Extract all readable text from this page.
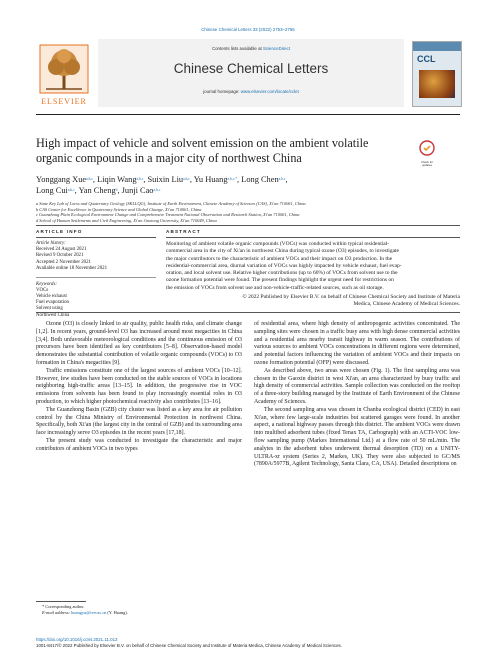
Chinese Chemical Letters 33 (2022) 2753–2756
ELSEVIER
Contents lists available at ScienceDirect
Chinese Chemical Letters
journal homepage: www.elsevier.com/locate/cclet
CCL
High impact of vehicle and solvent emission on the ambient volatile
organic compounds in a major city of northwest China	Check for updates
Yonggang Xue$^{a,b,c}$, Liqin Wang$^{a,b,c}$, Suixin Liu$^{a,b,c}$, Yu Huang$^{a,b,c,*}$, Long Chen$^{a,b,c}$,
Long Cui$^{a,b,c}$, Yan Cheng$^d$, Junji Cao$^{a,b,c}$
a State Key Lab of Loess and Quaternary Geology (SKLLQG), Institute of Earth Environment, Chinese Academy of Sciences (CAS), Xi'an 710061, China
b CAS Center for Excellence in Quaternary Science and Global Change, Xi'an 710061, China
c Guanzhong Plain Ecological Environment Change and Comprehensive Treatment National Observation and Research Station, Xi'an 710061, China
d School of Human Settlements and Civil Engineering, Xi'an Jiaotong University, Xi'an 710049, China
ARTICLE INFO	ABSTRACT
Article history:
Received 24 August 2021
Revised 9 October 2021
Accepted 2 November 2021
Available online 18 November 2021
Keywords:
VOCs
Vehicle exhaust
Fuel evaporation
Solvent using
Northwest China
Monitoring of ambient volatile organic compounds (VOCs) was conducted within typical residential-
commercial area in the city of Xi'an in northwest China during typical ozone (O3) episodes, to investigate
the major contributors to the characteristic of ambient VOCs and their impact on O3 production. In the
residential-commercial area, diurnal variation of VOCs was highly impacted by vehicle exhaust, fuel evap-
oration, and local solvent use. Relative higher contributions (up to 60%) of VOCs from solvent use to the
ozone formation potential were found. The present findings highlight the urgent need for restrictions on
the emission of VOCs from solvent use and non-vehicle-traffic-related sources, such as oil storage.
© 2022 Published by Elsevier B.V. on behalf of Chinese Chemical Society and Institute of Materia
Medica, Chinese Academy of Medical Sciences.

Ozone (O3) is closely linked to air quality, public health risks, and climate change [1,2]. In recent years, ground-level O3 has increased around most megacities in China [3,4]. Both unfavorable meteorological conditions and the continuous emission of O3 precursors have been identified as key contributors [5–8]. Observation-based model demonstrates the substantial contribution of volatile organic compounds (VOCs) to O3 formation in China's megacities [9].

Traffic emissions constitute one of the largest sources of ambient VOCs [10–12]. However, few studies have been conducted on the stable sources of VOCs in locations neighboring high-traffic areas [13–15]. In addition, the progressive rise in VOC emissions from solvents has been found to play increasingly essential roles in O3 production, to which higher photochemical reactivity also contributes [13–16].

The Guanzhong Basin (GZB) city cluster was listed as a key area for air pollution control by the China Ministry of Environmental Protection in northwest China. Specifically, both Xi'an (the largest city in the central of GZB) and its surrounding area face increasingly serve O3 episodes in the recent years [17,18].

The present study was conducted to investigate the characteristic and major contributors of ambient VOCs in two types

of residential area, where high density of anthropogenic activities concentrated. The sampling sites were chosen in a traffic busy area with high dense commercial activities and a residential area nearby transit highway in warm season. The contributions of various sources to ambient VOCs concentrations in different regions were determined, and potential factors influencing the variation of ambient VOCs and their impacts on ozone formation potential (OFP) were discussed.

As described above, two areas were chosen (Fig. 1). The first sampling area was chosen in the Gaoxin district in west Xi'an, an area characterized by busy traffic and high density of commercial activities. Sample collection was conducted on the rooftop of a three-story building managed by the Institute of Earth Environment of the Chinese Academy of Sciences.

The second sampling area was chosen in Chanba ecological district (CED) in east Xi'an, where few large-scale industries but scattered garages were found. In another aspect, a national highway passes through this district. The ambient VOCs were drawn into multibed adsorbent tubes (fixed Tenax TA, Carbograph) with an ACTI-VOC low-flow sampling pump (Markes International Ltd.) at a flow rate of 50 mL/min. The analytes in the adsorbent tubes underwent thermal desorption (TD) on a UNITY-ULTRA-xr system (Series 2, Markes, UK). They were also subjected to GC/MS (7890A/5977B, Agilent Technology, Santa Clara, CA, USA). Detailed descriptions on

* Corresponding author.
E-mail address: huangyu@ieecas.cn (Y. Huang).
https://doi.org/10.1016/j.cclet.2021.11.013
1001-8417/© 2022 Published by Elsevier B.V. on behalf of Chinese Chemical Society and Institute of Materia Medica, Chinese Academy of Medical Sciences.
